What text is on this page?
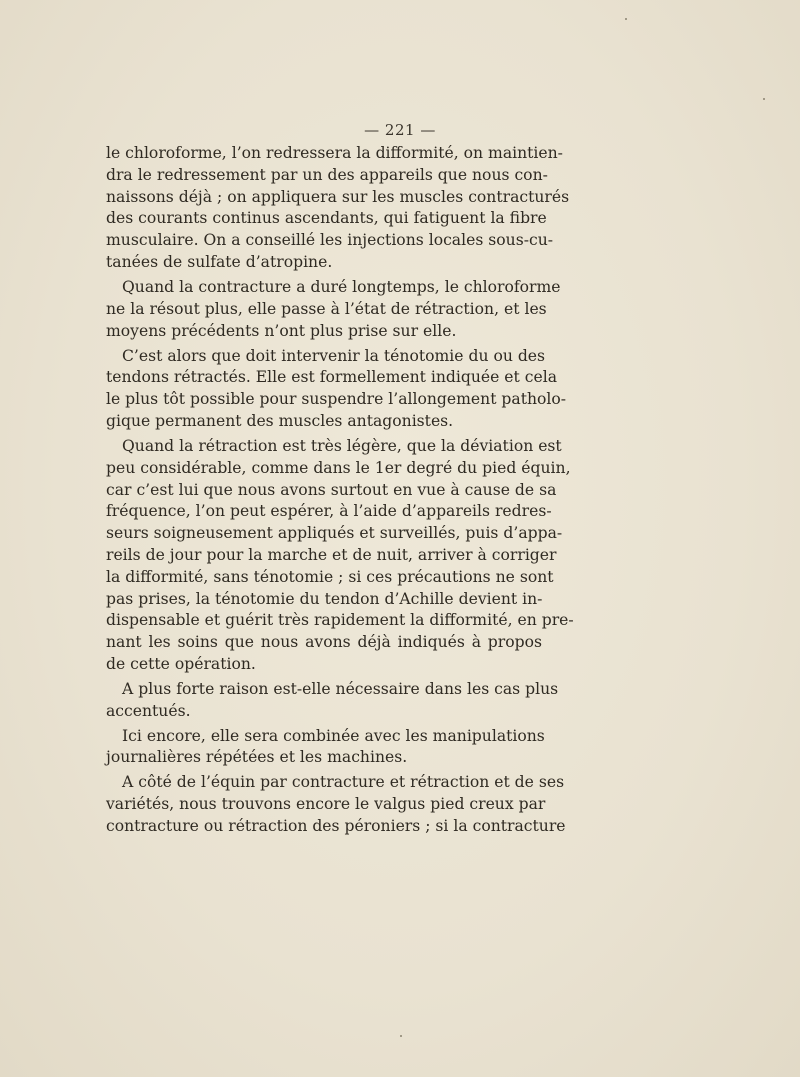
— 221 —

le chloroforme, l’on redressera la difformité, on maintien-
dra le redressement par un des appareils que nous con-
naissons déjà ; on appliquera sur les muscles contracturés
des courants continus ascendants, qui fatiguent la fibre
musculaire. On a conseillé les injections locales sous-cu-
tanées de sulfate d’atropine.

Quand la contracture a duré longtemps, le chloroforme
ne la résout plus, elle passe à l’état de rétraction, et les
moyens précédents n’ont plus prise sur elle.

C’est alors que doit intervenir la ténotomie du ou des
tendons rétractés. Elle est formellement indiquée et cela
le plus tôt possible pour suspendre l’allongement patholo-
gique permanent des muscles antagonistes.

Quand la rétraction est très légère, que la déviation est
peu considérable, comme dans le 1er degré du pied équin,
car c’est lui que nous avons surtout en vue à cause de sa
fréquence, l’on peut espérer, à l’aide d’appareils redres-
seurs soigneusement appliqués et surveillés, puis d’appa-
reils de jour pour la marche et de nuit, arriver à corriger
la difformité, sans ténotomie ; si ces précautions ne sont
pas prises, la ténotomie du tendon d’Achille devient in-
dispensable et guérit très rapidement la difformité, en pre-
nant les soins que nous avons déjà indiqués à propos
de cette opération.

A plus forte raison est-elle nécessaire dans les cas plus
accentués.

Ici encore, elle sera combinée avec les manipulations
journalières répétées et les machines.

A côté de l’équin par contracture et rétraction et de ses
variétés, nous trouvons encore le valgus pied creux par
contracture ou rétraction des péroniers ; si la contracture
